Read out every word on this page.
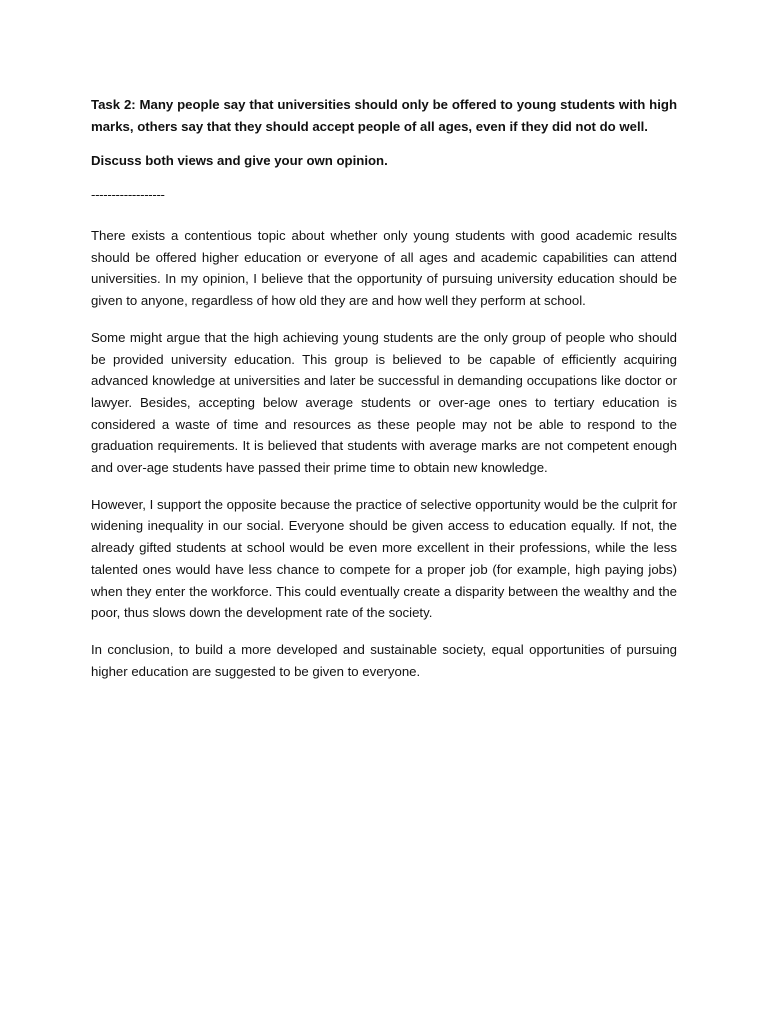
Task 2: Many people say that universities should only be offered to young students with high marks, others say that they should accept people of all ages, even if they did not do well.

Discuss both views and give your own opinion.

------------------

There exists a contentious topic about whether only young students with good academic results should be offered higher education or everyone of all ages and academic capabilities can attend universities. In my opinion, I believe that the opportunity of pursuing university education should be given to anyone, regardless of how old they are and how well they perform at school.

Some might argue that the high achieving young students are the only group of people who should be provided university education. This group is believed to be capable of efficiently acquiring advanced knowledge at universities and later be successful in demanding occupations like doctor or lawyer. Besides, accepting below average students or over-age ones to tertiary education is considered a waste of time and resources as these people may not be able to respond to the graduation requirements. It is believed that students with average marks are not competent enough and over-age students have passed their prime time to obtain new knowledge.

However, I support the opposite because the practice of selective opportunity would be the culprit for widening inequality in our social. Everyone should be given access to education equally. If not, the already gifted students at school would be even more excellent in their professions, while the less talented ones would have less chance to compete for a proper job (for example, high paying jobs) when they enter the workforce. This could eventually create a disparity between the wealthy and the poor, thus slows down the development rate of the society.

In conclusion, to build a more developed and sustainable society, equal opportunities of pursuing higher education are suggested to be given to everyone.
